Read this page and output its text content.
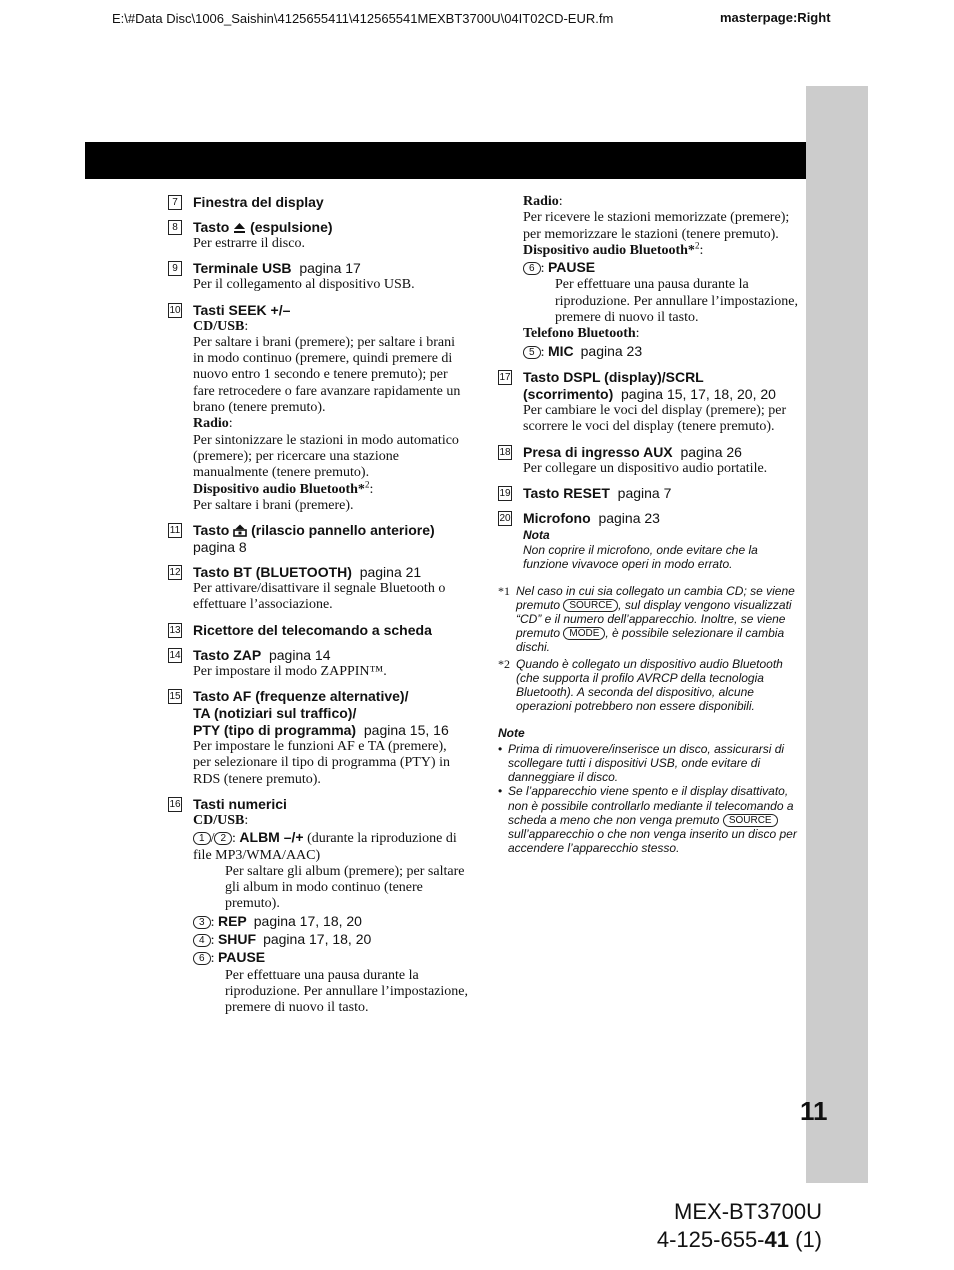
E:\#Data Disc\1006_Saishin\4125655411\412565541MEXBT3700U\04IT02CD-EUR.fm	masterpage:Right
11
7	Finestra del display
8	Tasto  (espulsione)
Per estrarre il disco.
9	Terminale USB pagina 17
Per il collegamento al dispositivo USB.
10 Tasti SEEK +/–
CD/USB:
Per saltare i brani (premere); per saltare i brani in modo continuo (premere, quindi premere di nuovo entro 1 secondo e tenere premuto); per fare retrocedere o fare avanzare rapidamente un brano (tenere premuto).
Radio:
Per sintonizzare le stazioni in modo automatico (premere); per ricercare una stazione manualmente (tenere premuto).
Dispositivo audio Bluetooth*$^2$:
Per saltare i brani (premere).
11 Tasto  (rilascio pannello anteriore)
pagina 8
12 Tasto BT (BLUETOOTH) pagina 21
Per attivare/disattivare il segnale Bluetooth o effettuare l’associazione.
13 Ricettore del telecomando a scheda
14 Tasto ZAP pagina 14
Per impostare il modo ZAPPIN™.
15 Tasto AF (frequenze alternative)/
TA (notiziari sul traffico)/
PTY (tipo di programma) pagina 15, 16
Per impostare le funzioni AF e TA (premere), per selezionare il tipo di programma (PTY) in RDS (tenere premuto).
16 Tasti numerici
CD/USB:
1 / 2 : ALBM –/+ (durante la riproduzione di file MP3/WMA/AAC)
Per saltare gli album (premere); per saltare gli album in modo continuo (tenere premuto).
3 : REP pagina 17, 18, 20
4 : SHUF pagina 17, 18, 20
6 : PAUSE
Per effettuare una pausa durante la riproduzione. Per annullare l’impostazione, premere di nuovo il tasto.
Radio:
Per ricevere le stazioni memorizzate (premere); per memorizzare le stazioni (tenere premuto).
Dispositivo audio Bluetooth*$^2$:
6 : PAUSE
Per effettuare una pausa durante la riproduzione. Per annullare l’impostazione, premere di nuovo il tasto.
Telefono Bluetooth:
5 : MIC pagina 23
17 Tasto DSPL (display)/SCRL
(scorrimento) pagina 15, 17, 18, 20, 20
Per cambiare le voci del display (premere); per scorrere le voci del display (tenere premuto).
18 Presa di ingresso AUX pagina 26
Per collegare un dispositivo audio portatile.
19 Tasto RESET pagina 7
20 Microfono pagina 23
Nota
Non coprire il microfono, onde evitare che la funzione vivavoce operi in modo errato.
*1 Nel caso in cui sia collegato un cambia CD; se viene premuto SOURCE , sul display vengono visualizzati “CD” e il numero dell’apparecchio. Inoltre, se viene premuto MODE , è possibile selezionare il cambia dischi.
*2 Quando è collegato un dispositivo audio Bluetooth (che supporta il profilo AVRCP della tecnologia Bluetooth). A seconda del dispositivo, alcune operazioni potrebbero non essere disponibili.
Note
• Prima di rimuovere/inserisce un disco, assicurarsi di scollegare tutti i dispositivi USB, onde evitare di danneggiare il disco.
• Se l’apparecchio viene spento e il display disattivato, non è possibile controllarlo mediante il telecomando a scheda a meno che non venga premuto SOURCE sull’apparecchio o che non venga inserito un disco per accendere l’apparecchio stesso.
MEX-BT3700U
4-125-655-41 (1)
